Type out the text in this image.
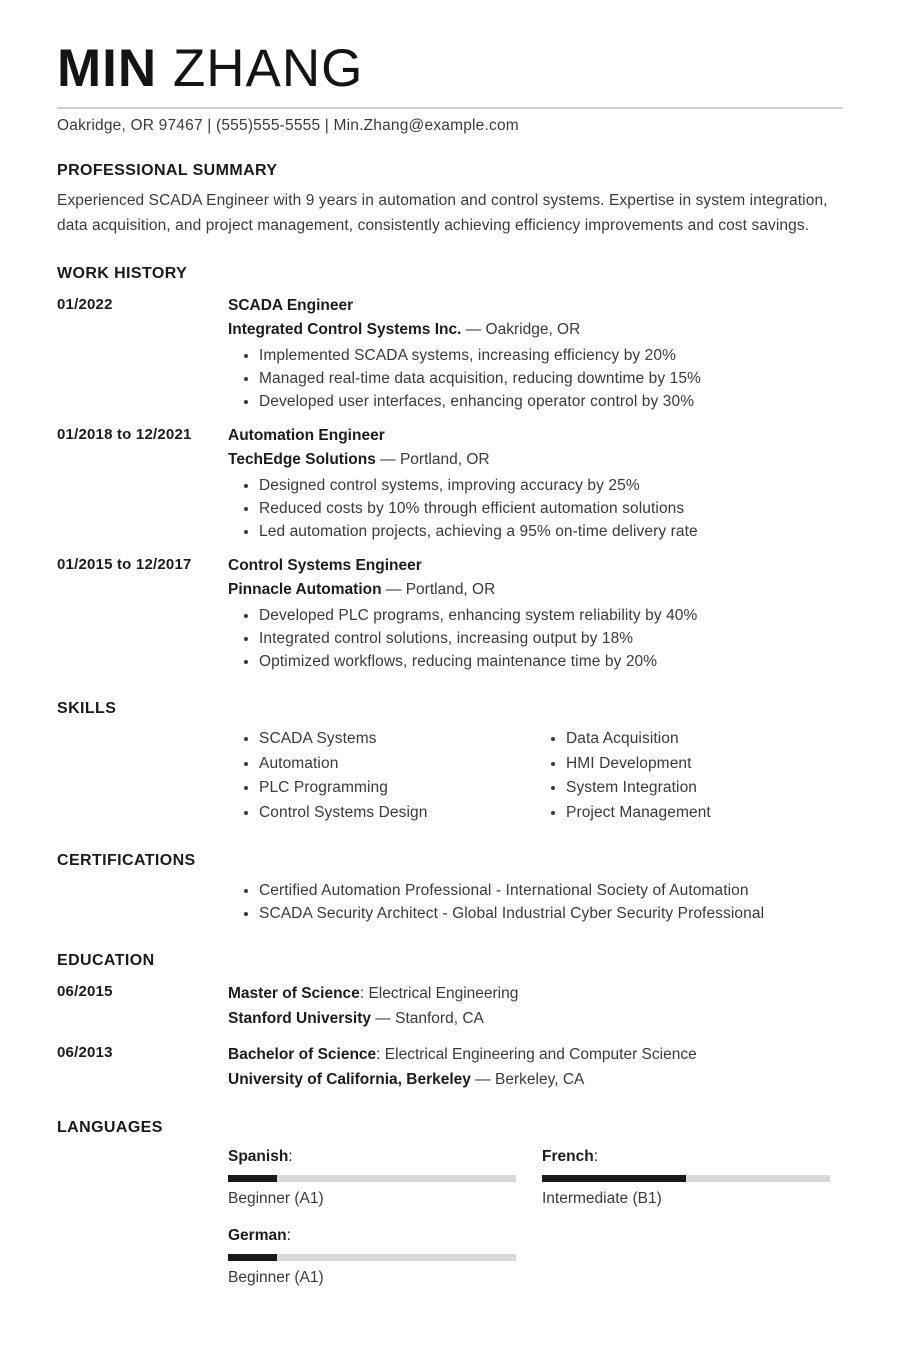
MIN ZHANG
Oakridge, OR 97467 | (555)555-5555 | Min.Zhang@example.com
PROFESSIONAL SUMMARY

Experienced SCADA Engineer with 9 years in automation and control systems. Expertise in system integration, data acquisition, and project management, consistently achieving efficiency improvements and cost savings.

WORK HISTORY
01/2022	SCADA Engineer
Integrated Control Systems Inc. — Oakridge, OR
• Implemented SCADA systems, increasing efficiency by 20%
• Managed real-time data acquisition, reducing downtime by 15%
• Developed user interfaces, enhancing operator control by 30%
01/2018 to 12/2021	Automation Engineer
TechEdge Solutions — Portland, OR
• Designed control systems, improving accuracy by 25%
• Reduced costs by 10% through efficient automation solutions
• Led automation projects, achieving a 95% on-time delivery rate
01/2015 to 12/2017	Control Systems Engineer
Pinnacle Automation — Portland, OR
• Developed PLC programs, enhancing system reliability by 40%
• Integrated control solutions, increasing output by 18%
• Optimized workflows, reducing maintenance time by 20%
SKILLS
• SCADA Systems
• Automation
• PLC Programming
• Control Systems Design
• Data Acquisition
• HMI Development
• System Integration
• Project Management
CERTIFICATIONS
• Certified Automation Professional - International Society of Automation
• SCADA Security Architect - Global Industrial Cyber Security Professional
EDUCATION
06/2015	Master of Science: Electrical Engineering
Stanford University — Stanford, CA
06/2013	Bachelor of Science: Electrical Engineering and Computer Science
University of California, Berkeley — Berkeley, CA
LANGUAGES
Spanish:
Beginner (A1)
French:
Intermediate (B1)
German:
Beginner (A1)
